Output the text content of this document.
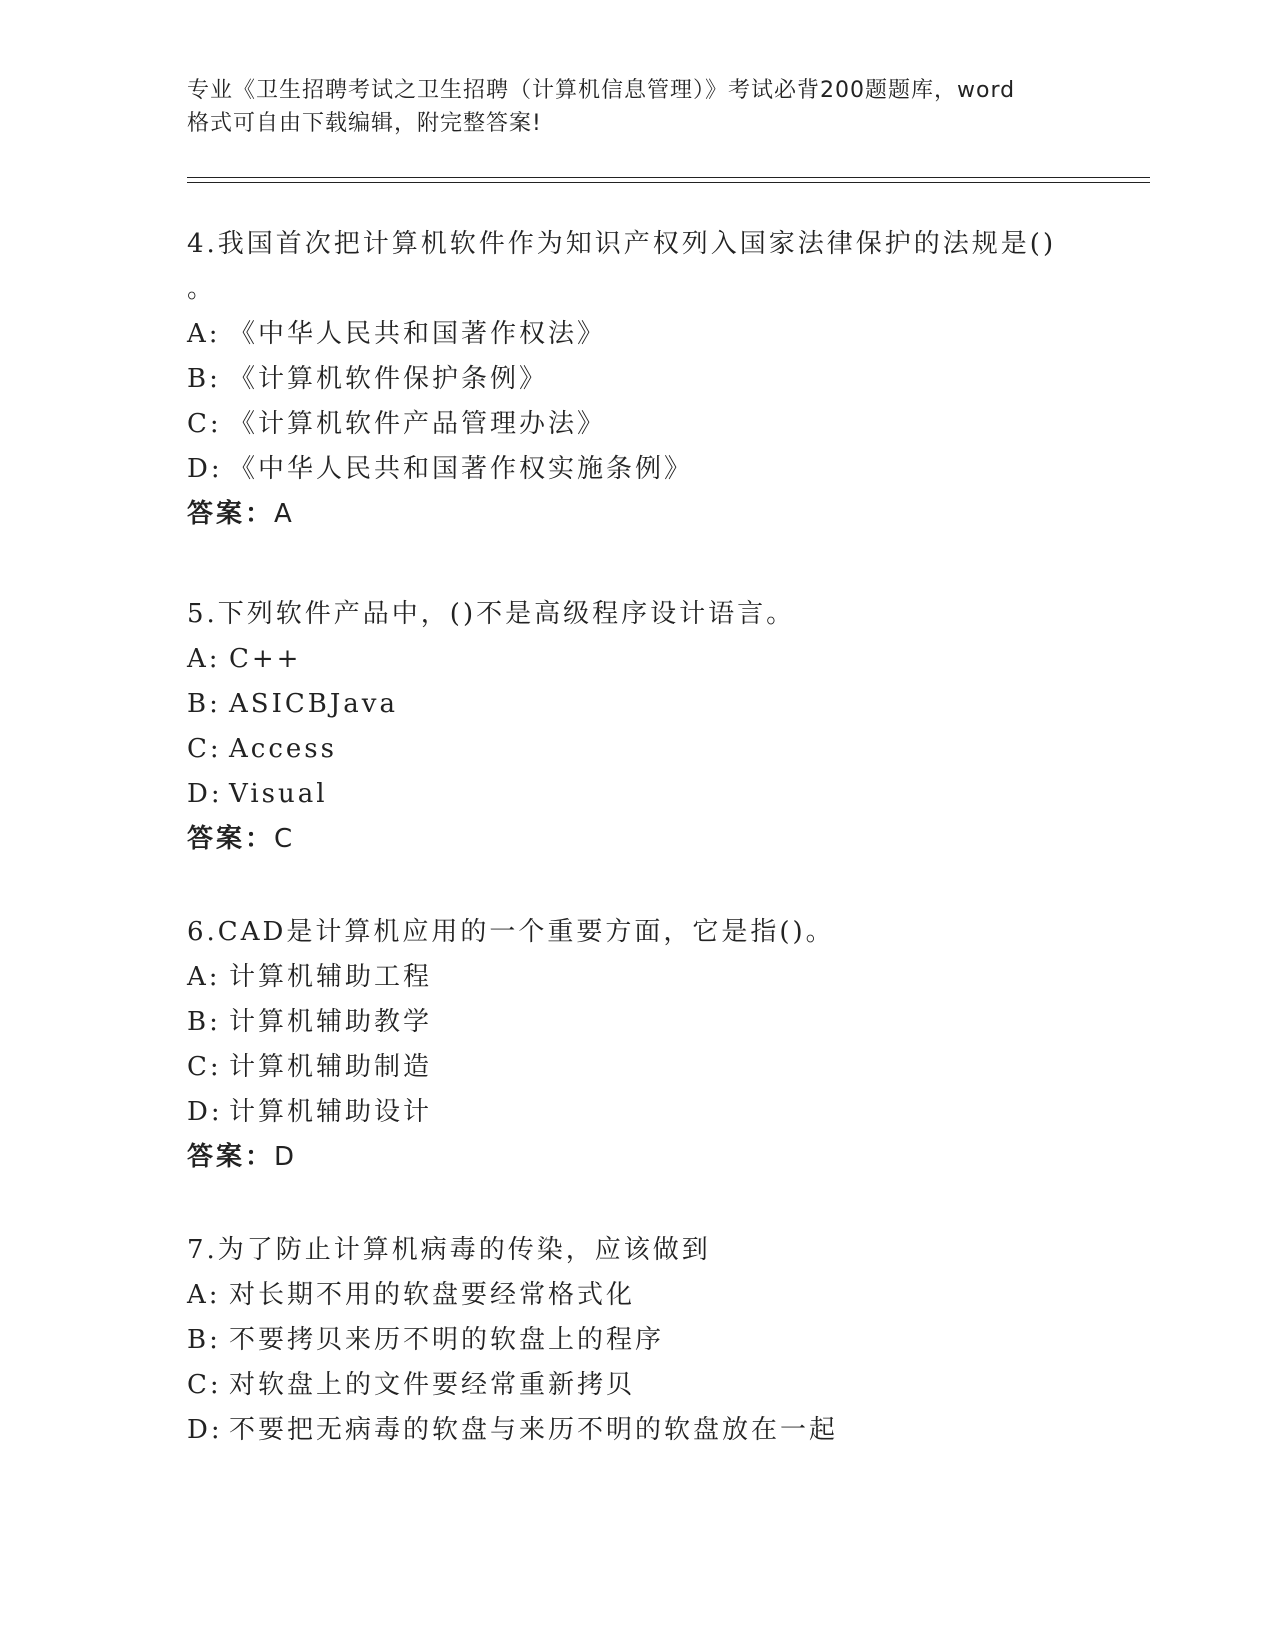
专业《卫生招聘考试之卫生招聘（计算机信息管理）》考试必背200题题库，word
格式可自由下载编辑，附完整答案!
4.我国首次把计算机软件作为知识产权列入国家法律保护的法规是()
。
A: 《中华人民共和国著作权法》
B: 《计算机软件保护条例》
C: 《计算机软件产品管理办法》
D: 《中华人民共和国著作权实施条例》
答案：A
5.下列软件产品中，()不是高级程序设计语言。
A: C++
B: ASICBJava
C: Access
D: Visual
答案：C
6.CAD是计算机应用的一个重要方面，它是指()。
A: 计算机辅助工程
B: 计算机辅助教学
C: 计算机辅助制造
D: 计算机辅助设计
答案：D
7.为了防止计算机病毒的传染，应该做到
A: 对长期不用的软盘要经常格式化
B: 不要拷贝来历不明的软盘上的程序
C: 对软盘上的文件要经常重新拷贝
D: 不要把无病毒的软盘与来历不明的软盘放在一起
